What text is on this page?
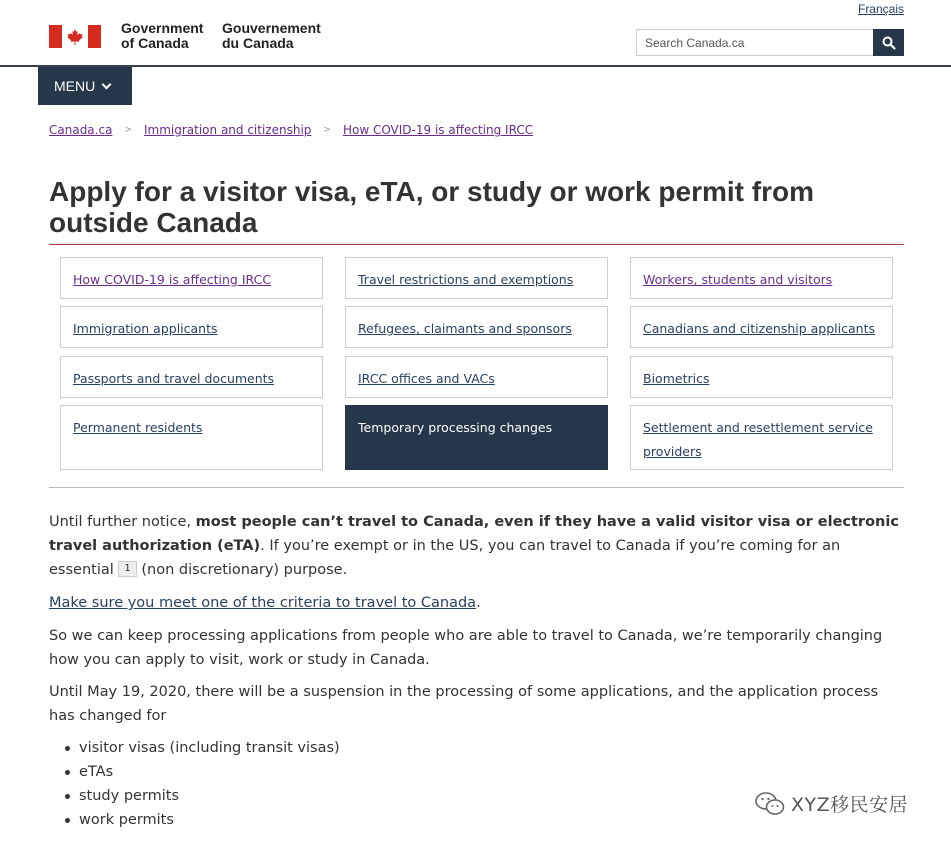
Government
of Canada
Gouvernement
du Canada
Français
Search Canada.ca
MENU
Canada.ca > Immigration and citizenship > How COVID-19 is affecting IRCC
Apply for a visitor visa, eTA, or study or work permit from outside Canada
How COVID-19 is affecting IRCC	Travel restrictions and exemptions	Workers, students and visitors
Immigration applicants	Refugees, claimants and sponsors	Canadians and citizenship applicants
Passports and travel documents	IRCC offices and VACs	Biometrics
Permanent residents	Temporary processing changes	Settlement and resettlement service providers

Until further notice, most people can’t travel to Canada, even if they have a valid visitor visa or electronic travel authorization (eTA). If you’re exempt or in the US, you can travel to Canada if you’re coming for an essential 1 (non discretionary) purpose.

Make sure you meet one of the criteria to travel to Canada.

So we can keep processing applications from people who are able to travel to Canada, we’re temporarily changing how you can apply to visit, work or study in Canada.

Until May 19, 2020, there will be a suspension in the processing of some applications, and the application process has changed for

visitor visas (including transit visas)
eTAs
study permits
work permits
XYZ移民安居
